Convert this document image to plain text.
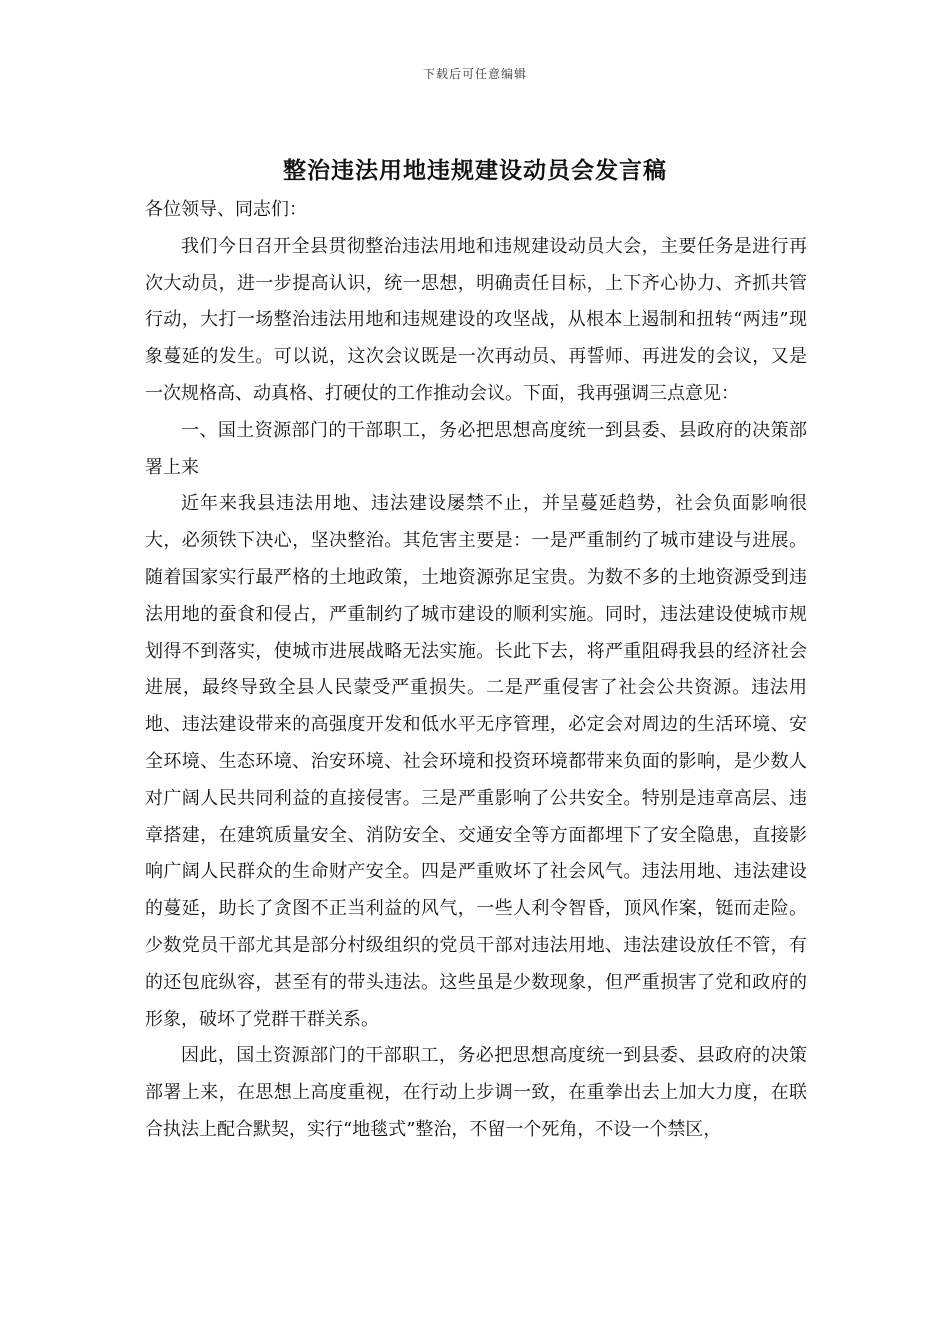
下载后可任意编辑
整治违法用地违规建设动员会发言稿

各位领导、同志们：

我们今日召开全县贯彻整治违法用地和违规建设动员大会，主要任务是进行再次大动员，进一步提高认识，统一思想，明确责任目标，上下齐心协力、齐抓共管行动，大打一场整治违法用地和违规建设的攻坚战，从根本上遏制和扭转“两违”现象蔓延的发生。可以说，这次会议既是一次再动员、再誓师、再进发的会议，又是一次规格高、动真格、打硬仗的工作推动会议。下面，我再强调三点意见：

一、国土资源部门的干部职工，务必把思想高度统一到县委、县政府的决策部署上来

近年来我县违法用地、违法建设屡禁不止，并呈蔓延趋势，社会负面影响很大，必须铁下决心，坚决整治。其危害主要是：一是严重制约了城市建设与进展。随着国家实行最严格的土地政策，土地资源弥足宝贵。为数不多的土地资源受到违法用地的蚕食和侵占，严重制约了城市建设的顺利实施。同时，违法建设使城市规划得不到落实，使城市进展战略无法实施。长此下去，将严重阻碍我县的经济社会进展，最终导致全县人民蒙受严重损失。二是严重侵害了社会公共资源。违法用地、违法建设带来的高强度开发和低水平无序管理，必定会对周边的生活环境、安全环境、生态环境、治安环境、社会环境和投资环境都带来负面的影响，是少数人对广阔人民共同利益的直接侵害。三是严重影响了公共安全。特别是违章高层、违章搭建，在建筑质量安全、消防安全、交通安全等方面都埋下了安全隐患，直接影响广阔人民群众的生命财产安全。四是严重败坏了社会风气。违法用地、违法建设的蔓延，助长了贪图不正当利益的风气，一些人利令智昏，顶风作案，铤而走险。少数党员干部尤其是部分村级组织的党员干部对违法用地、违法建设放任不管，有的还包庇纵容，甚至有的带头违法。这些虽是少数现象，但严重损害了党和政府的形象，破坏了党群干群关系。

因此，国土资源部门的干部职工，务必把思想高度统一到县委、县政府的决策部署上来，在思想上高度重视，在行动上步调一致，在重拳出去上加大力度，在联合执法上配合默契，实行“地毯式”整治，不留一个死角，不设一个禁区，
